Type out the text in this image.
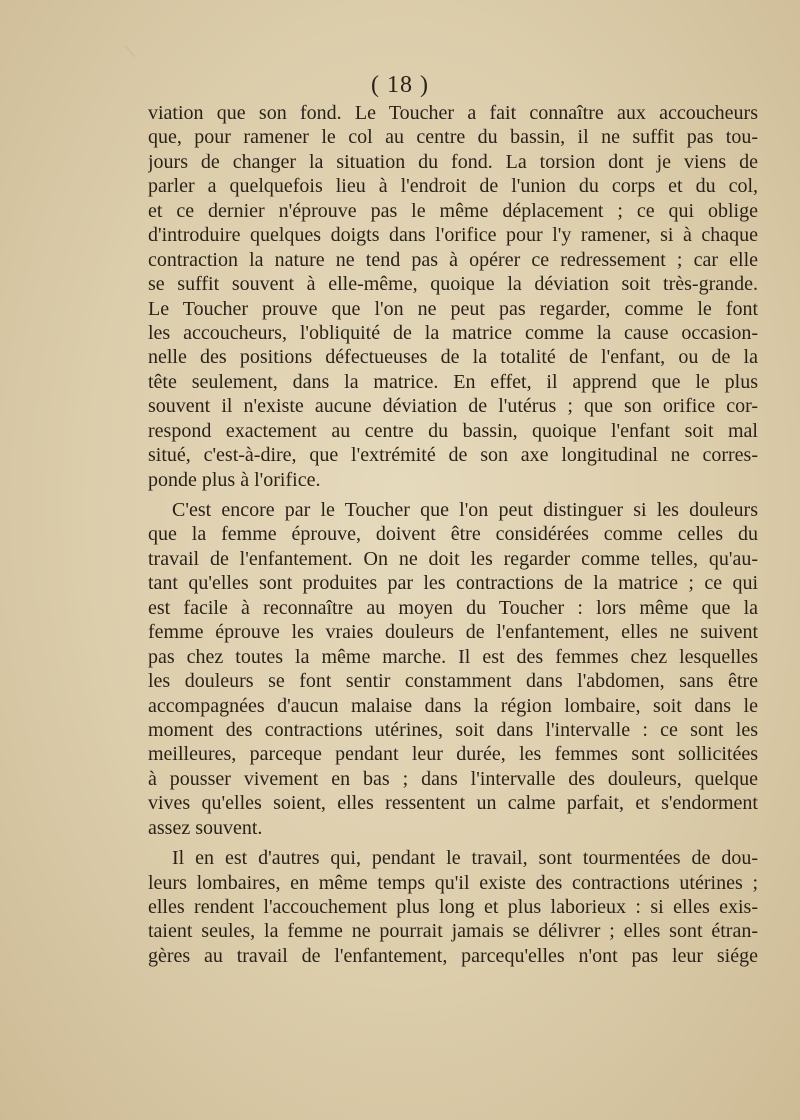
( 18 )
viation que son fond. Le Toucher a fait connaître aux accoucheurs
que, pour ramener le col au centre du bassin, il ne suffit pas tou-
jours de changer la situation du fond. La torsion dont je viens de
parler a quelquefois lieu à l'endroit de l'union du corps et du col,
et ce dernier n'éprouve pas le même déplacement ; ce qui oblige
d'introduire quelques doigts dans l'orifice pour l'y ramener, si à chaque
contraction la nature ne tend pas à opérer ce redressement ; car elle
se suffit souvent à elle-même, quoique la déviation soit très-grande.
Le Toucher prouve que l'on ne peut pas regarder, comme le font
les accoucheurs, l'obliquité de la matrice comme la cause occasion-
nelle des positions défectueuses de la totalité de l'enfant, ou de la
tête seulement, dans la matrice. En effet, il apprend que le plus
souvent il n'existe aucune déviation de l'utérus ; que son orifice cor-
respond exactement au centre du bassin, quoique l'enfant soit mal
situé, c'est-à-dire, que l'extrémité de son axe longitudinal ne corres-
ponde plus à l'orifice.
C'est encore par le Toucher que l'on peut distinguer si les douleurs
que la femme éprouve, doivent être considérées comme celles du
travail de l'enfantement. On ne doit les regarder comme telles, qu'au-
tant qu'elles sont produites par les contractions de la matrice ; ce qui
est facile à reconnaître au moyen du Toucher : lors même que la
femme éprouve les vraies douleurs de l'enfantement, elles ne suivent
pas chez toutes la même marche. Il est des femmes chez lesquelles
les douleurs se font sentir constamment dans l'abdomen, sans être
accompagnées d'aucun malaise dans la région lombaire, soit dans le
moment des contractions utérines, soit dans l'intervalle : ce sont les
meilleures, parceque pendant leur durée, les femmes sont sollicitées
à pousser vivement en bas ; dans l'intervalle des douleurs, quelque
vives qu'elles soient, elles ressentent un calme parfait, et s'endorment
assez souvent.
Il en est d'autres qui, pendant le travail, sont tourmentées de dou-
leurs lombaires, en même temps qu'il existe des contractions utérines ;
elles rendent l'accouchement plus long et plus laborieux : si elles exis-
taient seules, la femme ne pourrait jamais se délivrer ; elles sont étran-
gères au travail de l'enfantement, parcequ'elles n'ont pas leur siége
